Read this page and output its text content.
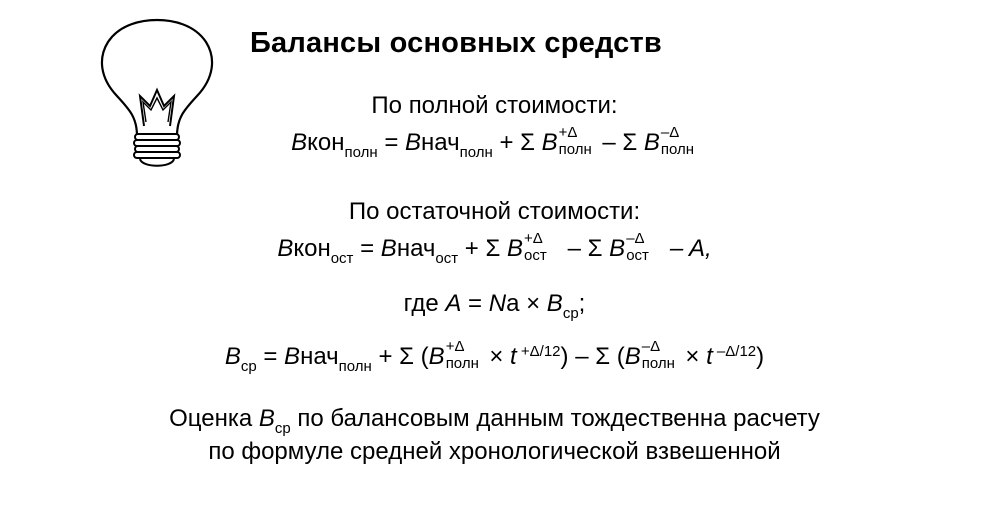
Балансы основных средств
По полной стоимости:
Bкон$_{полн}$ = Bнач$_{полн}$ + Σ B +Δ
полн – Σ B –Δ
полн
По остаточной стоимости:
Bкон$_{ост}$ = Bнач$_{ост}$ + Σ B +Δ
ост – Σ B –Δ
ост – A,
где $A = Na \times B_{ср}$;
$B_{ср}$ = Bнач$_{полн}$ + Σ (B +Δ
полн × t $^{+\Delta/12}$) – Σ (B –Δ
полн × t $^{-\Delta/12}$)
Оценка $B_{ср}$ по балансовым данным тождественна расчету
по формуле средней хронологической взвешенной
